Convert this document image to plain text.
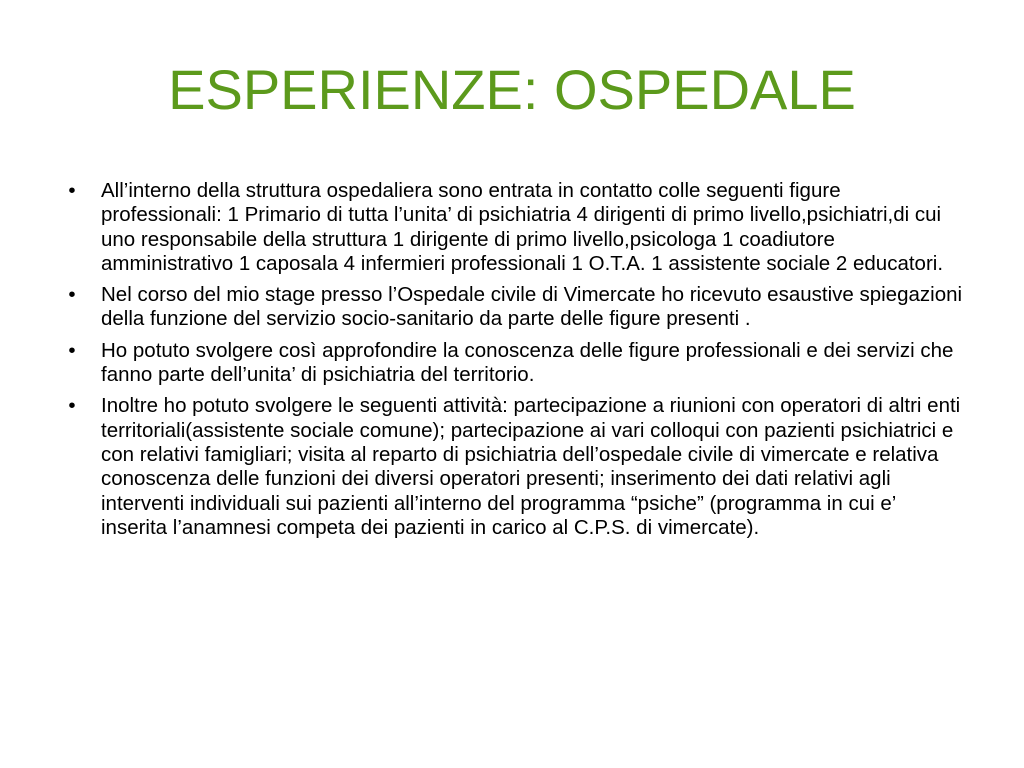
ESPERIENZE: OSPEDALE
•	All’interno della struttura ospedaliera sono entrata in contatto colle seguenti figure professionali: 1 Primario di tutta l’unita’ di psichiatria 4 dirigenti di primo livello,psichiatri,di cui uno responsabile della struttura 1 dirigente di primo livello,psicologa 1 coadiutore amministrativo 1 caposala 4 infermieri professionali 1 O.T.A. 1 assistente sociale 2 educatori.
•	Nel corso del mio stage presso l’Ospedale civile di Vimercate ho ricevuto esaustive spiegazioni della funzione del servizio socio-sanitario da parte delle figure presenti .
•	Ho potuto svolgere così approfondire la conoscenza delle figure professionali e dei servizi che fanno parte dell’unita’ di psichiatria del territorio.
•	Inoltre ho potuto svolgere le seguenti attività: partecipazione a riunioni con operatori di altri enti territoriali(assistente sociale comune); partecipazione ai vari colloqui con pazienti psichiatrici e con relativi famigliari; visita al reparto di psichiatria dell’ospedale civile di vimercate e relativa conoscenza delle funzioni dei diversi operatori presenti; inserimento dei dati relativi agli interventi individuali sui pazienti all’interno del programma “psiche” (programma in cui e’ inserita l’anamnesi competa dei pazienti in carico al C.P.S. di vimercate).
